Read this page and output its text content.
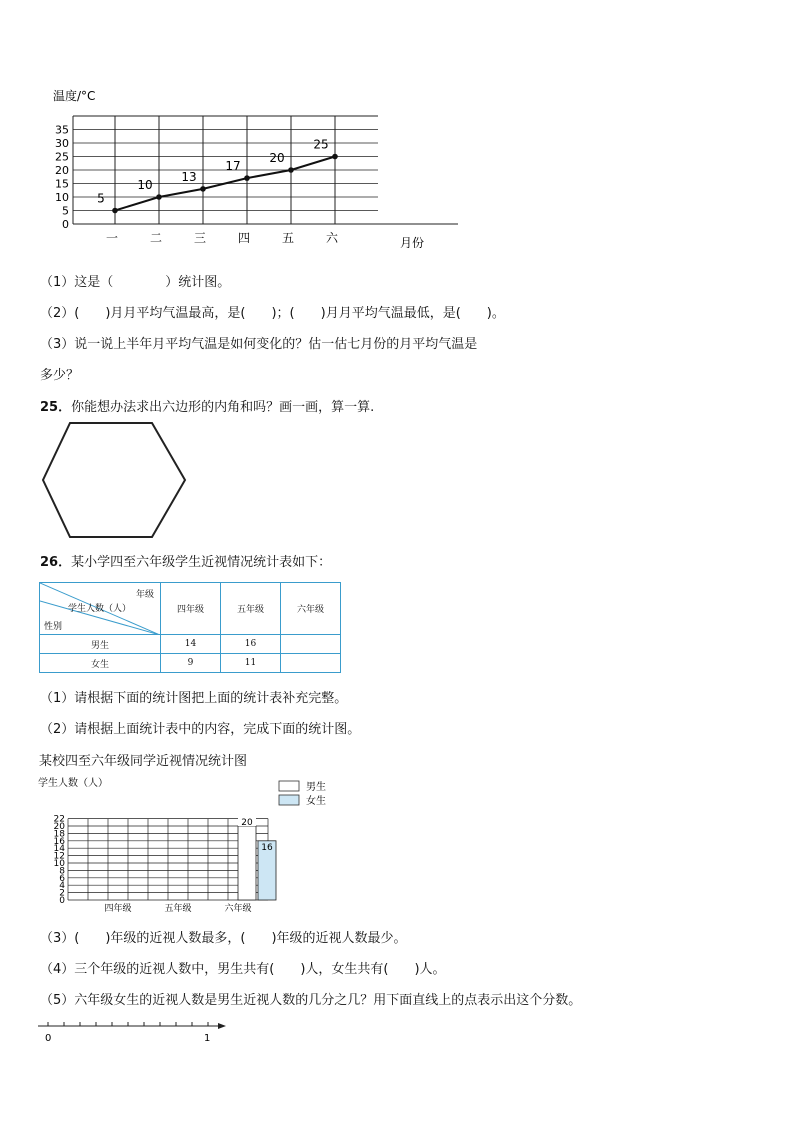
温度/°C
35
30
25
20
15
10
5
0
一	二	三	四	五	六
5
10
13
17
20
25
月份
（1）这是（　　　　）统计图。
（2）(　　)月月平均气温最高，是(　　)；(　　)月月平均气温最低，是(　　)。
（3）说一说上半年月平均气温是如何变化的？估一估七月份的月平均气温是
多少？
25．你能想办法求出六边形的内角和吗？画一画，算一算.
26．某小学四至六年级学生近视情况统计表如下：
年级
学生人数（人）
性别	四年级	五年级	六年级
男生	14	16	
女生	9	11	
（1）请根据下面的统计图把上面的统计表补充完整。
（2）请根据上面统计表中的内容，完成下面的统计图。
某校四至六年级同学近视情况统计图
学生人数（人）
0
2
4
6
8
10
12
14
16
18
20
22	20
16
四年级	五年级	六年级
男生
女生
（3）(　　)年级的近视人数最多，(　　)年级的近视人数最少。
（4）三个年级的近视人数中，男生共有(　　)人，女生共有(　　)人。
（5）六年级女生的近视人数是男生近视人数的几分之几？用下面直线上的点表示出这个分数。
0	1
